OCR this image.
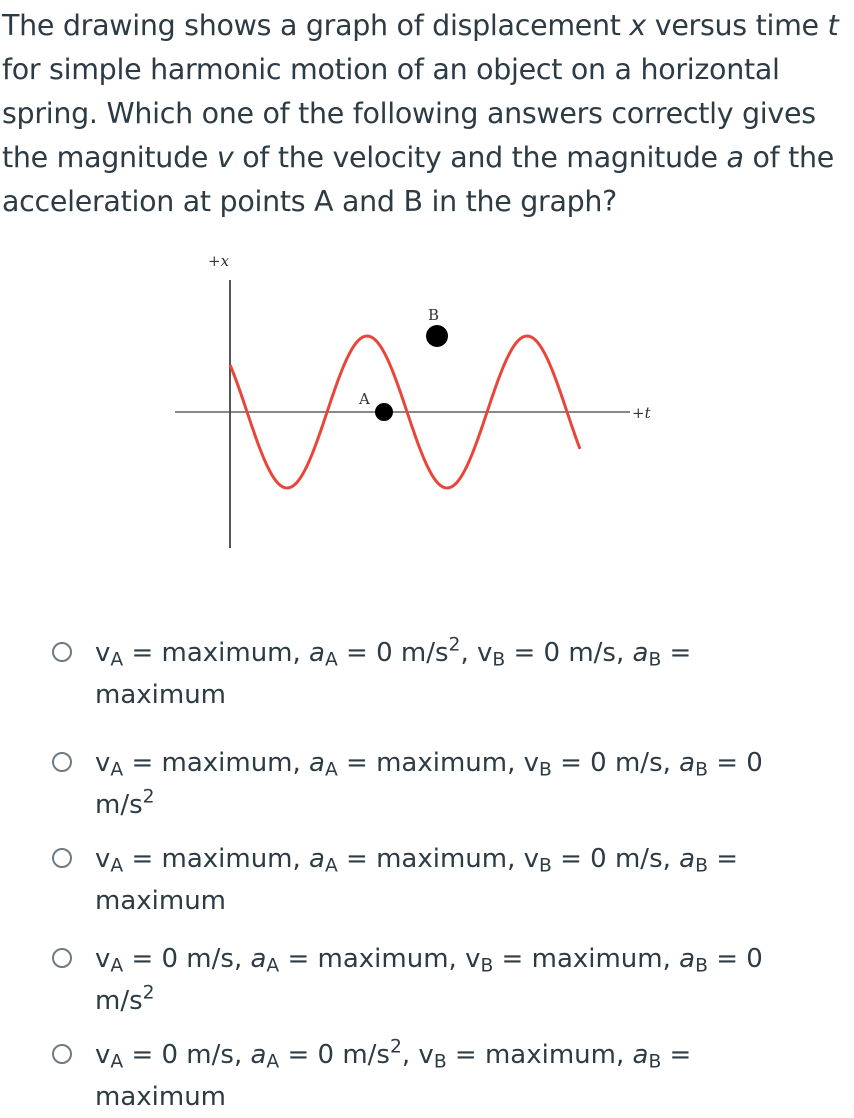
The drawing shows a graph of displacement x versus time t for simple harmonic motion of an object on a horizontal spring. Which one of the following answers correctly gives the magnitude v of the velocity and the magnitude a of the acceleration at points A and B in the graph?
+x
+t
A
B
$v_A$ = maximum, $a_A = 0$ $m/s^2$, $v_B = 0$ m/s, $a_B$ = maximum
$v_A$ = maximum, $a_A$ = maximum, $v_B = 0$ m/s, $a_B = 0$ $m/s^2$
$v_A$ = maximum, $a_A$ = maximum, $v_B = 0$ m/s, $a_B$ = maximum
$v_A = 0$ m/s, $a_A$ = maximum, $v_B$ = maximum, $a_B = 0$ $m/s^2$
$v_A = 0$ m/s, $a_A = 0$ $m/s^2$, $v_B$ = maximum, $a_B$ = maximum
